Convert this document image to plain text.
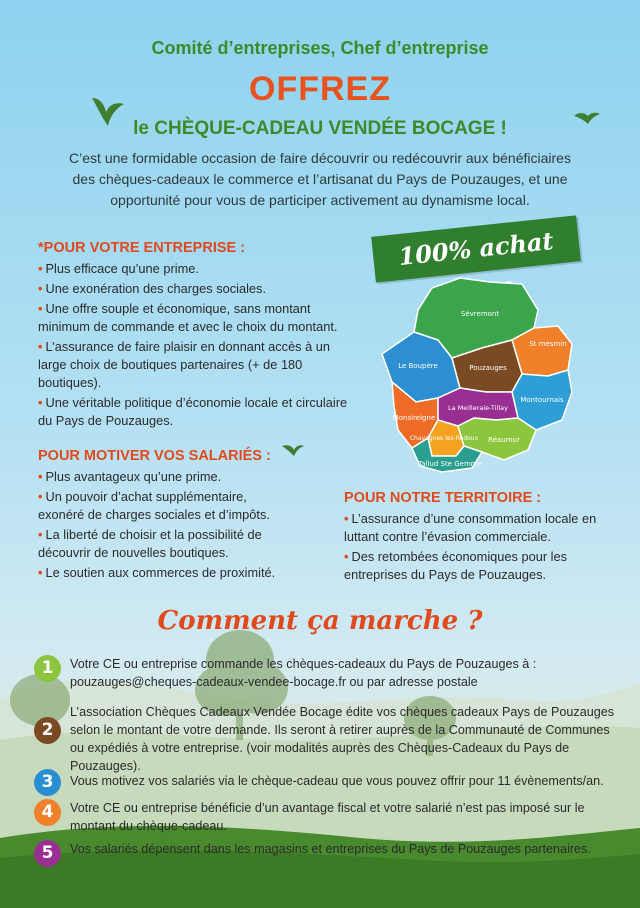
Comité d’entreprises, Chef d’entreprise
OFFREZ
le CHÈQUE-CADEAU VENDÉE BOCAGE !
C’est une formidable occasion de faire découvrir ou redécouvrir aux bénéficiaires des chèques-cadeaux le commerce et l’artisanat du Pays de Pouzauges, et une opportunité pour vous de participer activement au dynamisme local.
*POUR VOTRE ENTREPRISE :
• Plus efficace qu’une prime.
• Une exonération des charges sociales.
• Une offre souple et économique, sans montant minimum de commande et avec le choix du montant.
• L’assurance de faire plaisir en donnant accès à un large choix de boutiques partenaires (+ de 180 boutiques).
• Une véritable politique d’économie locale et circulaire du Pays de Pouzauges.
POUR MOTIVER VOS SALARIÉS :
• Plus avantageux qu’une prime.
• Un pouvoir d’achat supplémentaire, exonéré de charges sociales et d’impôts.
• La liberté de choisir et la possibilité de découvrir de nouvelles boutiques.
• Le soutien aux commerces de proximité.
POUR NOTRE TERRITOIRE :
• L’assurance d’une consommation locale en luttant contre l’évasion commerciale.
• Des retombées économiques pour les entreprises du Pays de Pouzauges.
100% achat
Sèvremont
St mesmin
Le Boupère	Pouzauges
Montournais
Monsireigne
La Meilleraie-Tillay
Chavagnes les-Redoux Réaumur
Tallud Ste Gemme
Comment ça marche ?
1	Votre CE ou entreprise commande les chèques-cadeaux du Pays de Pouzauges à : pouzauges@cheques-cadeaux-vendee-bocage.fr ou par adresse postale
2
L’association Chèques Cadeaux Vendée Bocage édite vos chèques cadeaux Pays de Pouzauges selon le montant de votre demande. Ils seront à retirer auprès de la Communauté de Communes ou expédiés à votre entreprise. (voir modalités auprès des Chèques-Cadeaux du Pays de Pouzauges).
3	Vous motivez vos salariés via le chèque-cadeau que vous pouvez offrir pour 11 évènements/an.
4	Votre CE ou entreprise bénéficie d’un avantage fiscal et votre salarié n’est pas imposé sur le montant du chèque-cadeau.
5	Vos salariés dépensent dans les magasins et entreprises du Pays de Pouzauges partenaires.
